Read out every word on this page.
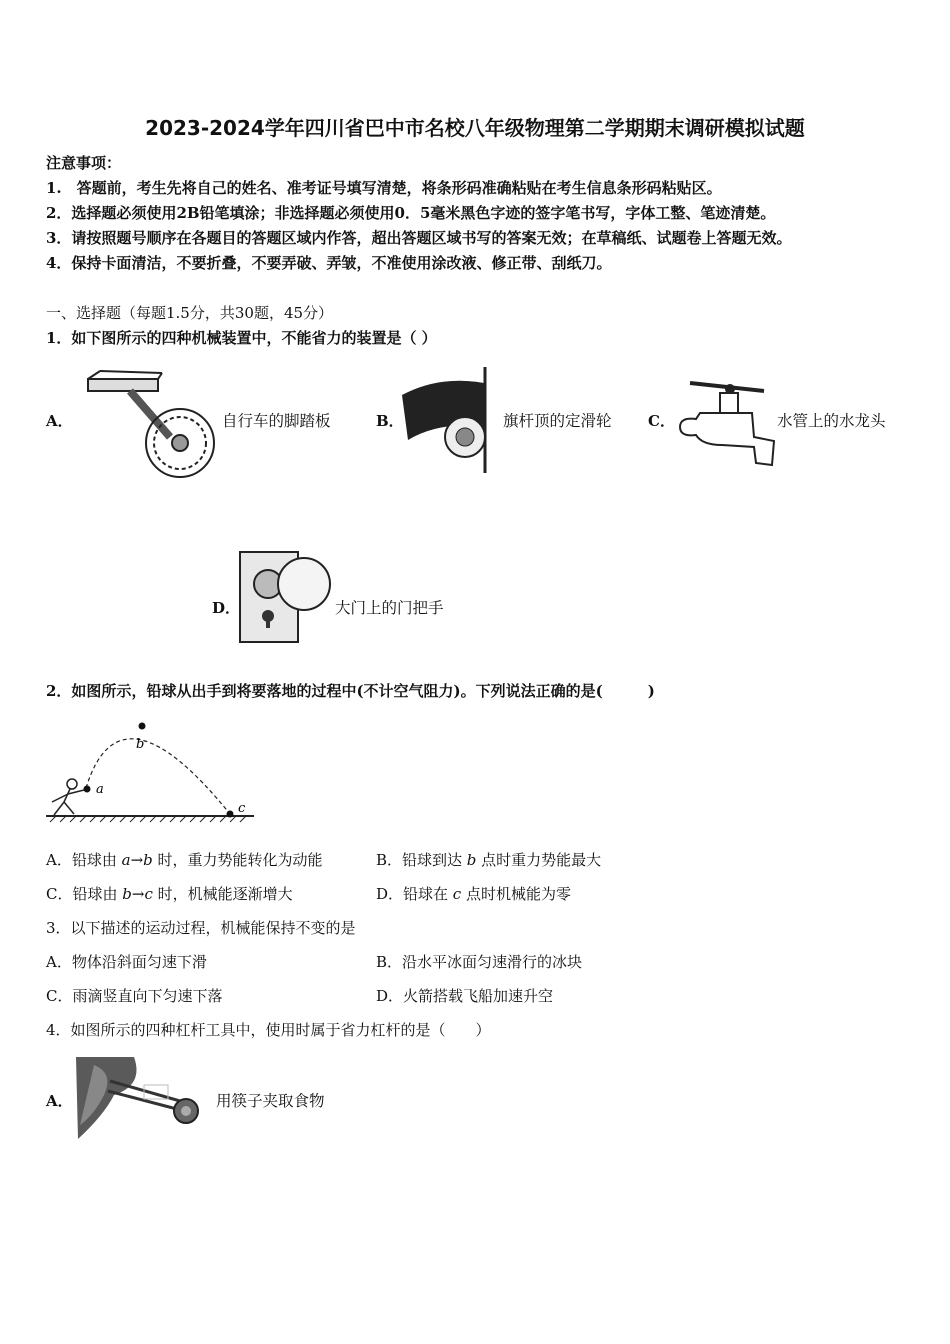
2023-2024学年四川省巴中市名校八年级物理第二学期期末调研模拟试题
注意事项：
1.　答题前，考生先将自己的姓名、准考证号填写清楚，将条形码准确粘贴在考生信息条形码粘贴区。
2．选择题必须使用2B铅笔填涂；非选择题必须使用0．5毫米黑色字迹的签字笔书写，字体工整、笔迹清楚。
3．请按照题号顺序在各题目的答题区域内作答，超出答题区域书写的答案无效；在草稿纸、试题卷上答题无效。
4．保持卡面清洁，不要折叠，不要弄破、弄皱，不准使用涂改液、修正带、刮纸刀。
一、选择题（每题1.5分，共30题，45分）
1．如下图所示的四种机械装置中，不能省力的装置是（ ）
A．	自行车的脚踏板	B．	旗杆顶的定滑轮 C．	水管上的水龙头
D．	大门上的门把手
2．如图所示，铅球从出手到将要落地的过程中(不计空气阻力)。下列说法正确的是(　　　)
a
b
c
A．铅球由 a→b 时，重力势能转化为动能	B．铅球到达 b 点时重力势能最大
C．铅球由 b→c 时，机械能逐渐增大	D．铅球在 c 点时机械能为零
3．以下描述的运动过程，机械能保持不变的是
A．物体沿斜面匀速下滑	B．沿水平冰面匀速滑行的冰块
C．雨滴竖直向下匀速下落	D．火箭搭载飞船加速升空
4．如图所示的四种杠杆工具中，使用时属于省力杠杆的是（　　）
A．	用筷子夹取食物
